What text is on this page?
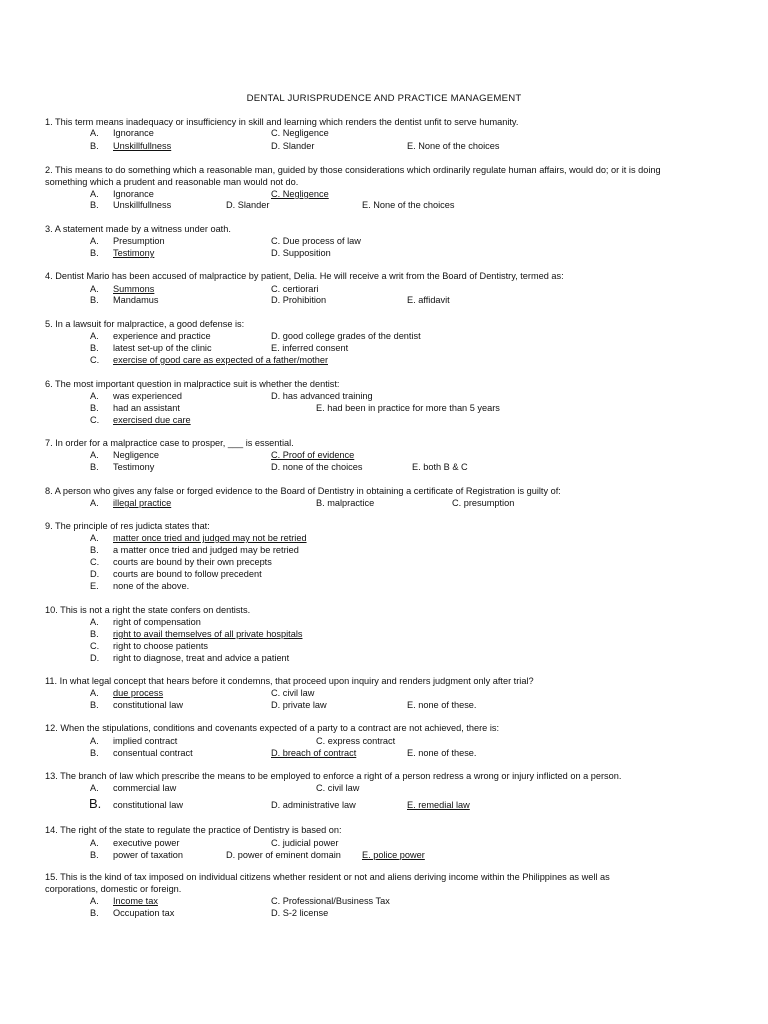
DENTAL JURISPRUDENCE AND PRACTICE MANAGEMENT
1. This term means inadequacy or insufficiency in skill and learning which renders the dentist unfit to serve humanity.
A. Ignorance	C. Negligence
B. Unskillfullness	D. Slander	E. None of the choices
2. This means to do something which a reasonable man, guided by those considerations which ordinarily regulate human affairs, would do; or it is doing
something which a prudent and reasonable man would not do.
A. Ignorance	C. Negligence
B. Unskillfullness	D. Slander	E. None of the choices
3. A statement made by a witness under oath.
A. Presumption	C. Due process of law
B. Testimony	D. Supposition
4. Dentist Mario has been accused of malpractice by patient, Delia. He will receive a writ from the Board of Dentistry, termed as:
A. Summons	C. certiorari
B. Mandamus	D. Prohibition	E. affidavit
5. In a lawsuit for malpractice, a good defense is:
A. experience and practice	D. good college grades of the dentist
B. latest set-up of the clinic	E. inferred consent
C. exercise of good care as expected of a father/mother
6. The most important question in malpractice suit is whether the dentist:
A. was experienced	D. has advanced training
B. had an assistant	E. had been in practice for more than 5 years
C. exercised due care
7. In order for a malpractice case to prosper, ___ is essential.
A. Negligence	C. Proof of evidence
B. Testimony	D. none of the choices	E. both B & C
8. A person who gives any false or forged evidence to the Board of Dentistry in obtaining a certificate of Registration is guilty of:
A. illegal practice	B. malpractice	C. presumption
9. The principle of res judicta states that:
A. matter once tried and judged may not be retried
B. a matter once tried and judged may be retried
C. courts are bound by their own precepts
D. courts are bound to follow precedent
E. none of the above.
10. This is not a right the state confers on dentists.
A. right of compensation
B. right to avail themselves of all private hospitals
C. right to choose patients
D. right to diagnose, treat and advice a patient
11. In what legal concept that hears before it condemns, that proceed upon inquiry and renders judgment only after trial?
A. due process	C. civil law
B. constitutional law	D. private law	E. none of these.
12. When the stipulations, conditions and covenants expected of a party to a contract are not achieved, there is:
A. implied contract	C. express contract
B. consentual contract	D. breach of contract	E. none of these.
13. The branch of law which prescribe the means to be employed to enforce a right of a person redress a wrong or injury inflicted on a person.
A. commercial law	C. civil law
B. constitutional law	D. administrative law	E. remedial law
14. The right of the state to regulate the practice of Dentistry is based on:
A. executive power	C. judicial power
B. power of taxation	D. power of eminent domain E. police power
15. This is the kind of tax imposed on individual citizens whether resident or not and aliens deriving income within the Philippines as well as
corporations, domestic or foreign.
A. Income tax	C. Professional/Business Tax
B. Occupation tax	D. S-2 license
